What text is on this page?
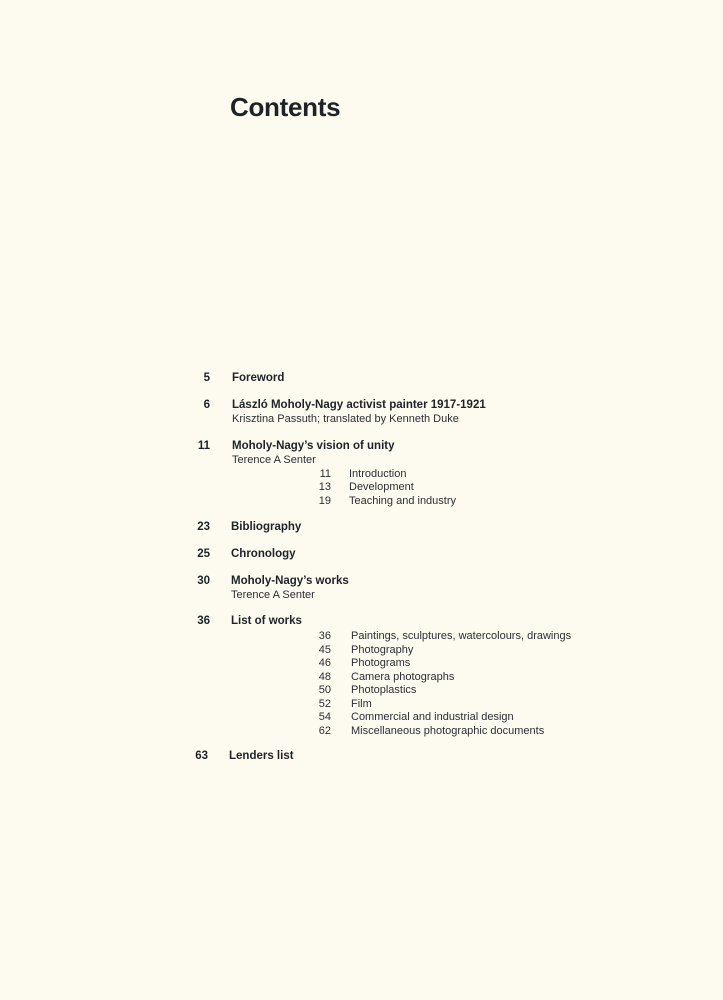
Contents
5 Foreword
6 László Moholy-Nagy activist painter 1917-1921
Krisztina Passuth; translated by Kenneth Duke
11 Moholy-Nagy’s vision of unity
Terence A Senter
11 Introduction
13 Development
19 Teaching and industry
23 Bibliography
25 Chronology
30 Moholy-Nagy’s works
Terence A Senter
36 List of works
36 Paintings, sculptures, watercolours, drawings
45 Photography
46 Photograms
48 Camera photographs
50 Photoplastics
52 Film
54 Commercial and industrial design
62 Miscellaneous photographic documents
63 Lenders list
